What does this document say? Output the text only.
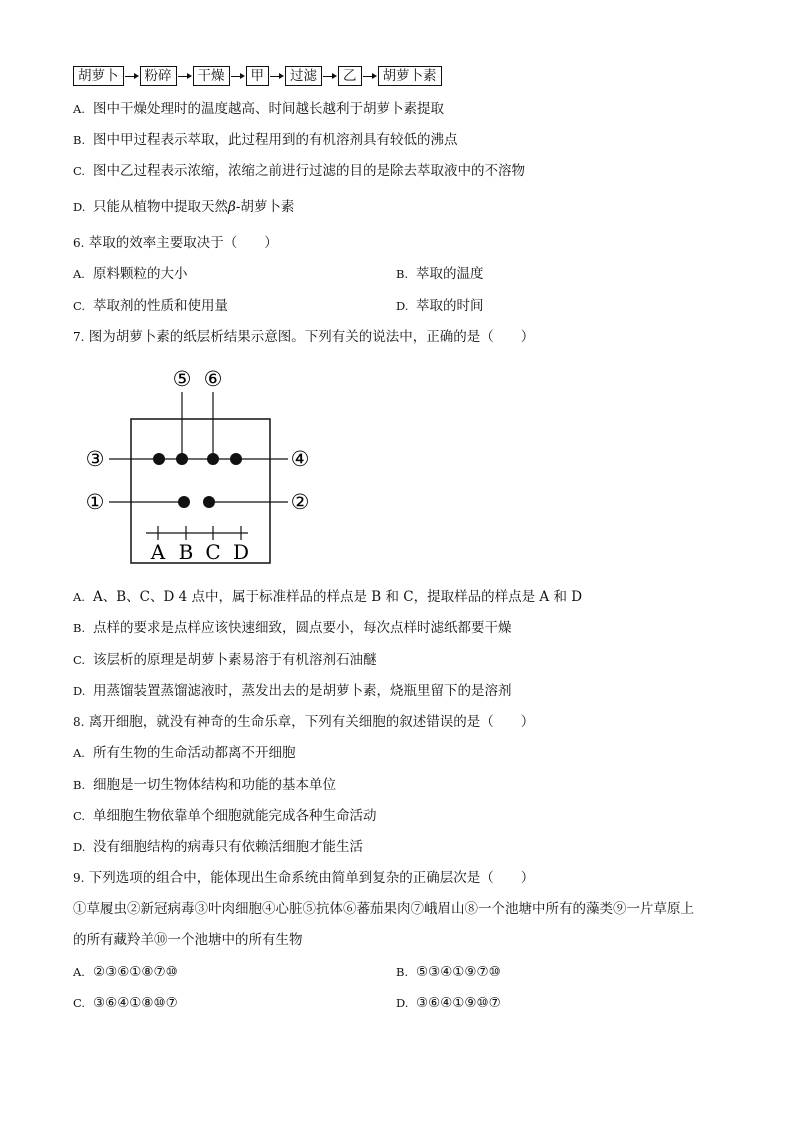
胡萝卜	粉碎	干燥	甲	过滤	乙	胡萝卜素
A. 图中干燥处理时的温度越高、时间越长越利于胡萝卜素提取
B. 图中甲过程表示萃取，此过程用到的有机溶剂具有较低的沸点
C. 图中乙过程表示浓缩，浓缩之前进行过滤的目的是除去萃取液中的不溶物
D. 只能从植物中提取天然β-胡萝卜素
6. 萃取的效率主要取决于（　　）
A. 原料颗粒的大小	B. 萃取的温度
C. 萃取剂的性质和使用量	D. 萃取的时间
7. 图为胡萝卜素的纸层析结果示意图。下列有关的说法中，正确的是（　　）
⑤ ⑥
③	④
①	②
A B C D
A. A、B、C、D 4 点中，属于标准样品的样点是 B 和 C，提取样品的样点是 A 和 D
B. 点样的要求是点样应该快速细致，圆点要小，每次点样时滤纸都要干燥
C. 该层析的原理是胡萝卜素易溶于有机溶剂石油醚
D. 用蒸馏装置蒸馏滤液时，蒸发出去的是胡萝卜素，烧瓶里留下的是溶剂
8. 离开细胞，就没有神奇的生命乐章，下列有关细胞的叙述错误的是（　　）
A. 所有生物的生命活动都离不开细胞
B. 细胞是一切生物体结构和功能的基本单位
C. 单细胞生物依靠单个细胞就能完成各种生命活动
D. 没有细胞结构的病毒只有依赖活细胞才能生活
9. 下列选项的组合中，能体现出生命系统由简单到复杂的正确层次是（　　）
①草履虫②新冠病毒③叶肉细胞④心脏⑤抗体⑥蕃茄果肉⑦峨眉山⑧一个池塘中所有的藻类⑨一片草原上
的所有藏羚羊⑩一个池塘中的所有生物
A. ②③⑥①⑧⑦⑩	B. ⑤③④①⑨⑦⑩
C. ③⑥④①⑧⑩⑦	D. ③⑥④①⑨⑩⑦
